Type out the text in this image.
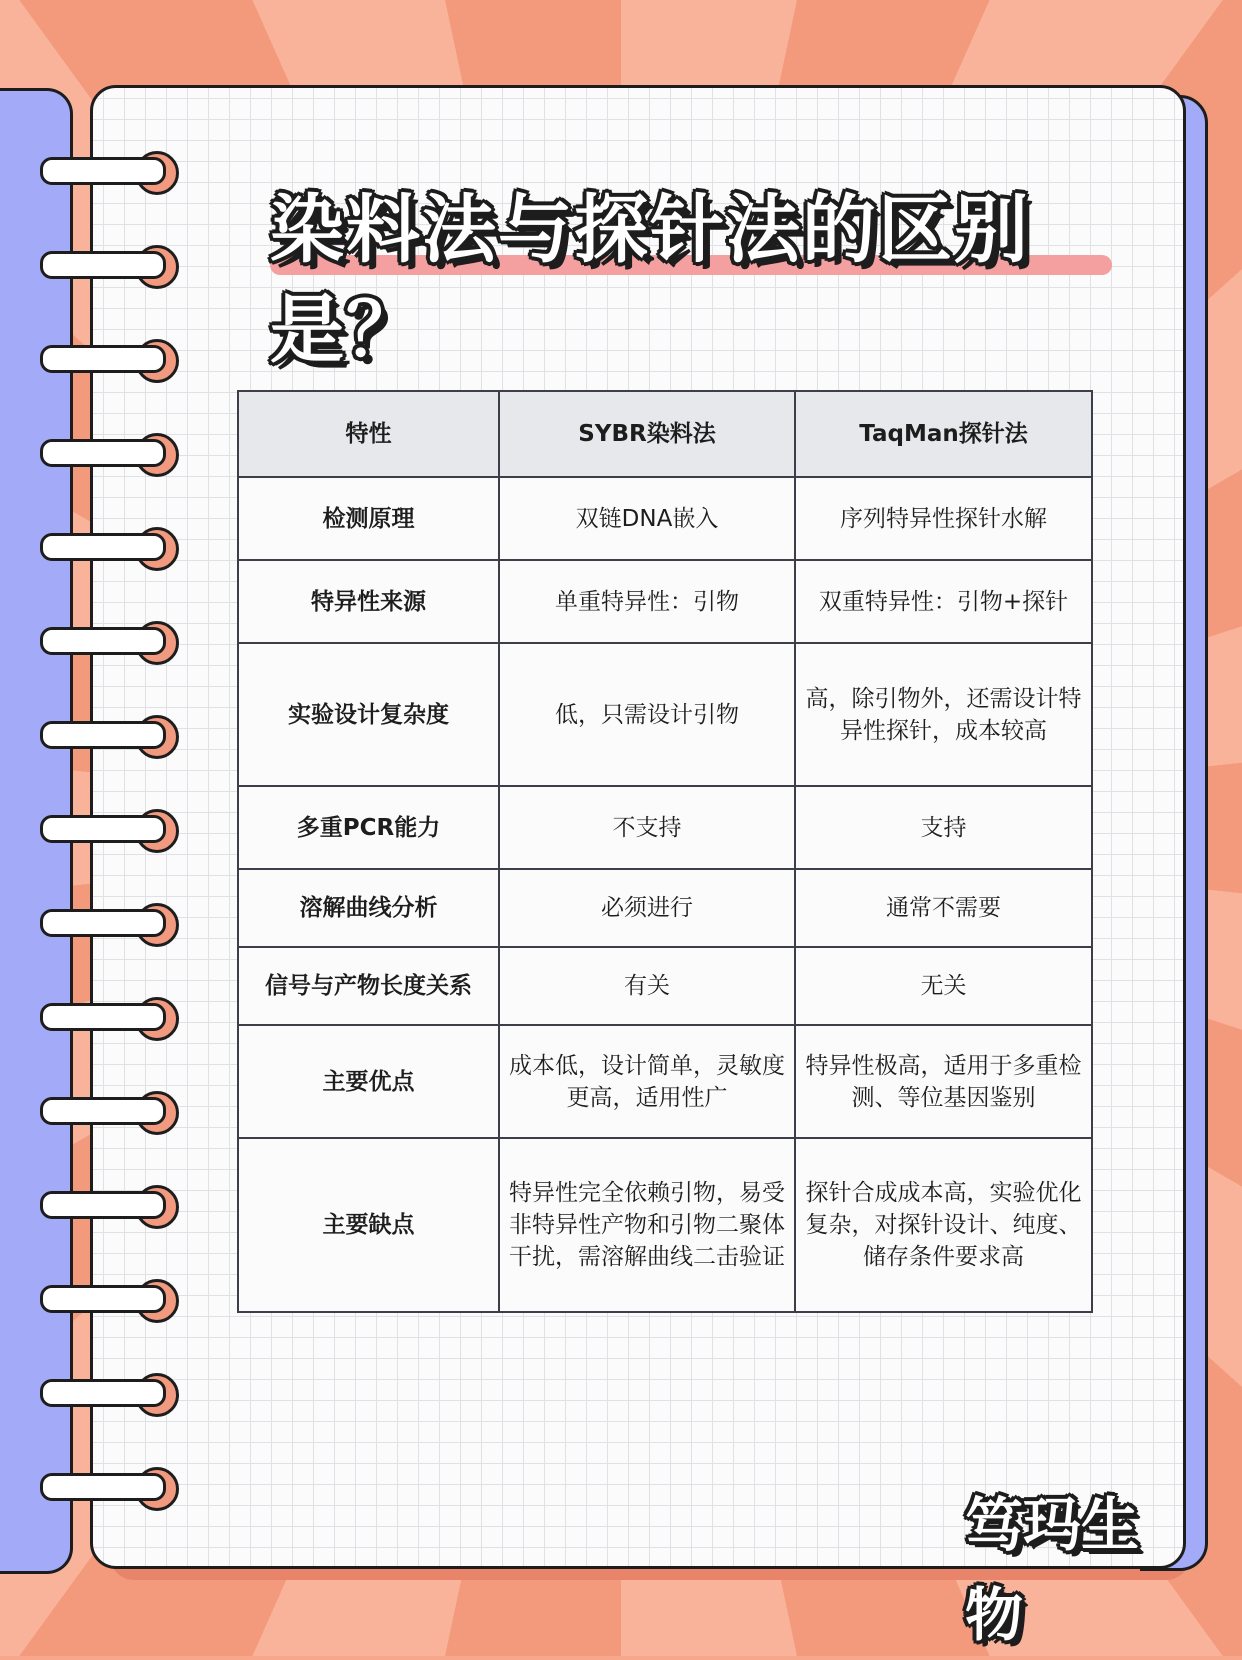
染料法与探针法的区别是？
特性	SYBR染料法	TaqMan探针法
检测原理	双链DNA嵌入	序列特异性探针水解
特异性来源	单重特异性：引物	双重特异性：引物+探针
实验设计复杂度	低，只需设计引物	高，除引物外，还需设计特异性探针，成本较高
多重PCR能力	不支持	支持
溶解曲线分析	必须进行	通常不需要
信号与产物长度关系	有关	无关
主要优点	成本低，设计简单，灵敏度更高，适用性广	特异性极高，适用于多重检测、等位基因鉴别
主要缺点	特异性完全依赖引物，易受非特异性产物和引物二聚体干扰，需溶解曲线二击验证	探针合成成本高，实验优化复杂，对探针设计、纯度、储存条件要求高
笃玛生物
